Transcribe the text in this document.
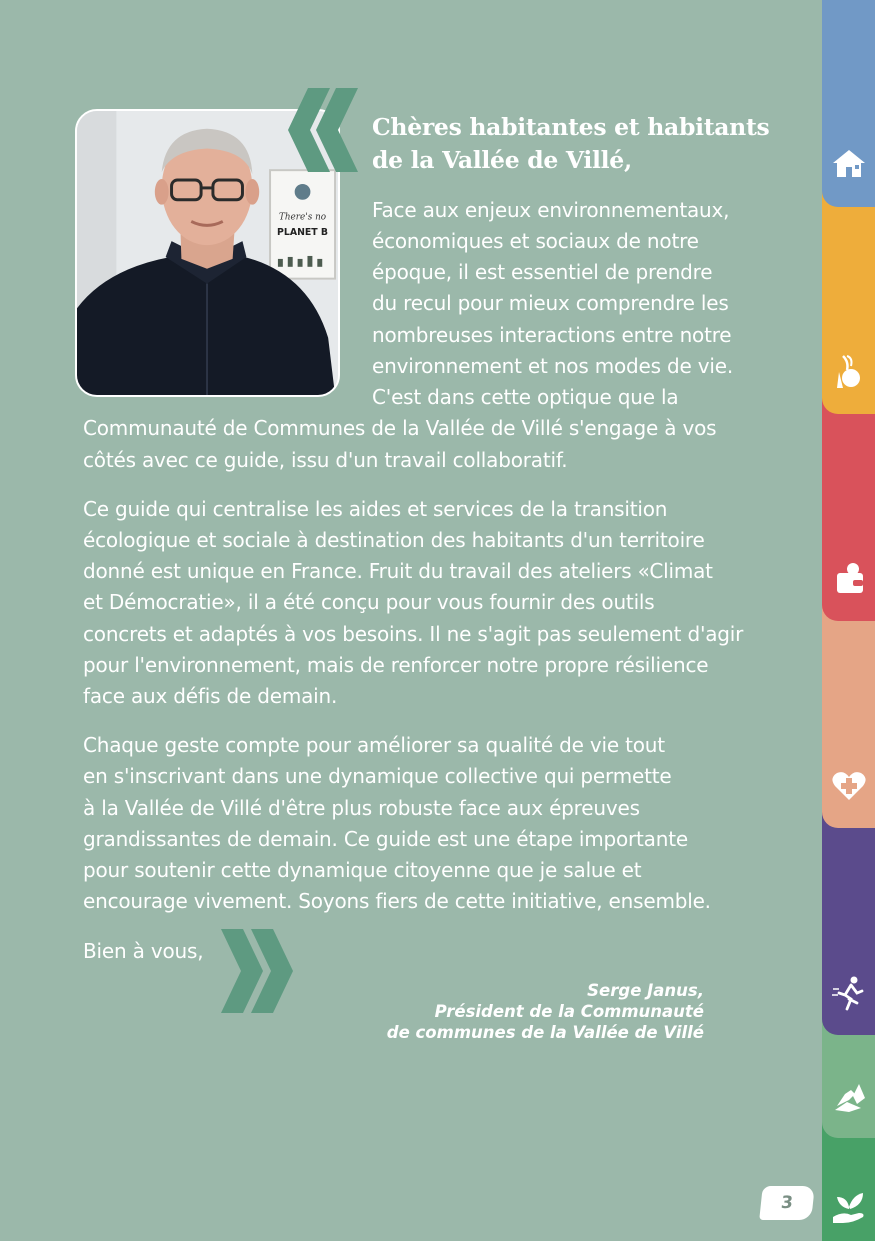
There's no
PLANET B
Chères habitantes et habitants
de la Vallée de Villé,
Face aux enjeux environnementaux,
économiques et sociaux de notre
époque, il est essentiel de prendre
du recul pour mieux comprendre les
nombreuses interactions entre notre
environnement et nos modes de vie.
C'est dans cette optique que la
Communauté de Communes de la Vallée de Villé s'engage à vos
côtés avec ce guide, issu d'un travail collaboratif.
Ce guide qui centralise les aides et services de la transition
écologique et sociale à destination des habitants d'un territoire
donné est unique en France. Fruit du travail des ateliers «Climat
et Démocratie», il a été conçu pour vous fournir des outils
concrets et adaptés à vos besoins. Il ne s'agit pas seulement d'agir
pour l'environnement, mais de renforcer notre propre résilience
face aux défis de demain.
Chaque geste compte pour améliorer sa qualité de vie tout
en s'inscrivant dans une dynamique collective qui permette
à la Vallée de Villé d'être plus robuste face aux épreuves
grandissantes de demain. Ce guide est une étape importante
pour soutenir cette dynamique citoyenne que je salue et
encourage vivement. Soyons fiers de cette initiative, ensemble.
Bien à vous,
Serge Janus,
Président de la Communauté
de communes de la Vallée de Villé
3
